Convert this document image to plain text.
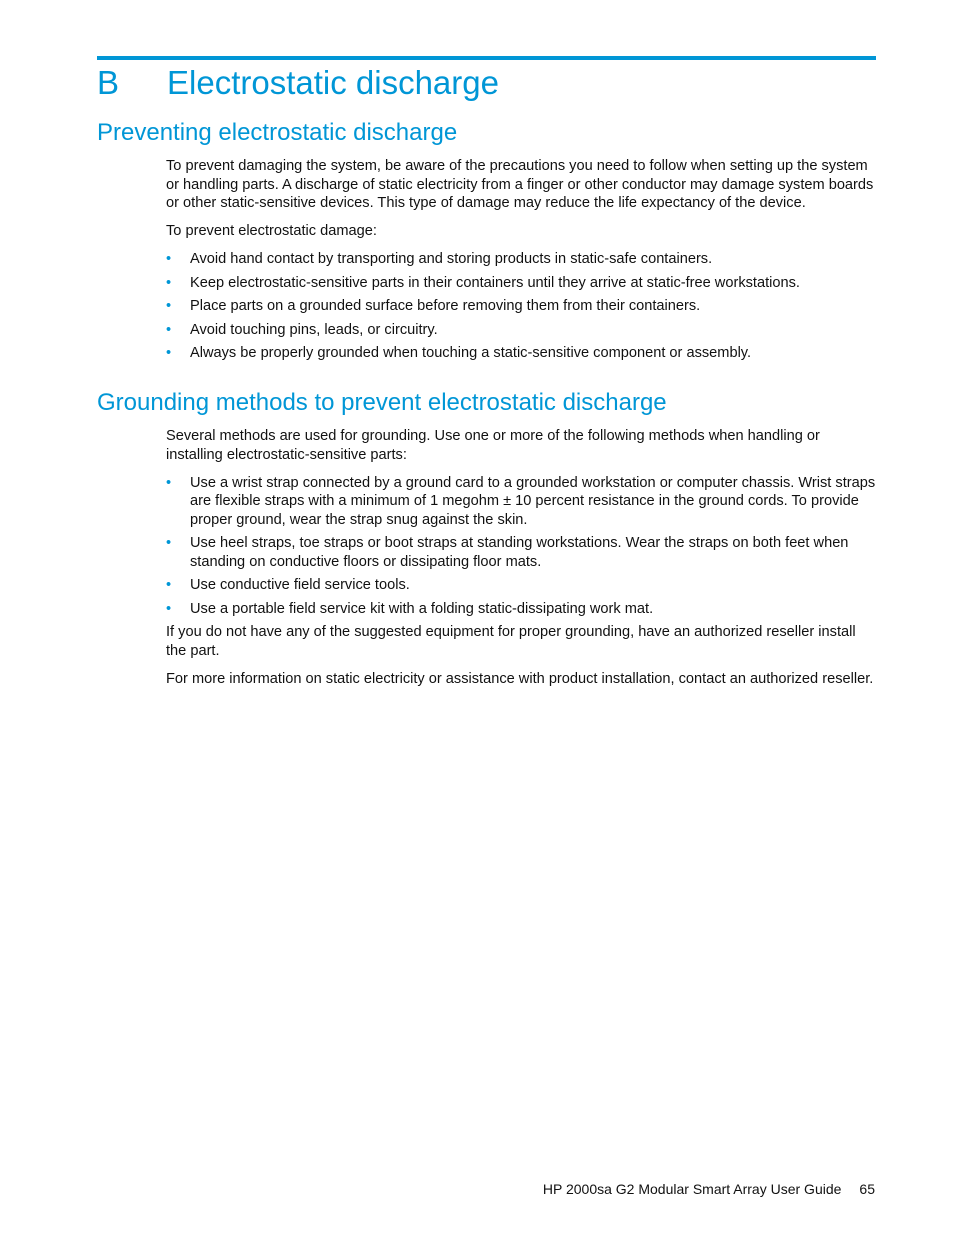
B Electrostatic discharge
Preventing electrostatic discharge

To prevent damaging the system, be aware of the precautions you need to follow when setting up the system or handling parts. A discharge of static electricity from a finger or other conductor may damage system boards or other static-sensitive devices. This type of damage may reduce the life expectancy of the device.

To prevent electrostatic damage:

• Avoid hand contact by transporting and storing products in static-safe containers.
• Keep electrostatic-sensitive parts in their containers until they arrive at static-free workstations.
• Place parts on a grounded surface before removing them from their containers.
• Avoid touching pins, leads, or circuitry.
• Always be properly grounded when touching a static-sensitive component or assembly.
Grounding methods to prevent electrostatic discharge

Several methods are used for grounding. Use one or more of the following methods when handling or installing electrostatic-sensitive parts:

• Use a wrist strap connected by a ground card to a grounded workstation or computer chassis. Wrist straps are flexible straps with a minimum of 1 megohm ± 10 percent resistance in the ground cords. To provide proper ground, wear the strap snug against the skin.
• Use heel straps, toe straps or boot straps at standing workstations. Wear the straps on both feet when standing on conductive floors or dissipating floor mats.
• Use conductive field service tools.
• Use a portable field service kit with a folding static-dissipating work mat.

If you do not have any of the suggested equipment for proper grounding, have an authorized reseller install the part.

For more information on static electricity or assistance with product installation, contact an authorized reseller.

HP 2000sa G2 Modular Smart Array User Guide 65
